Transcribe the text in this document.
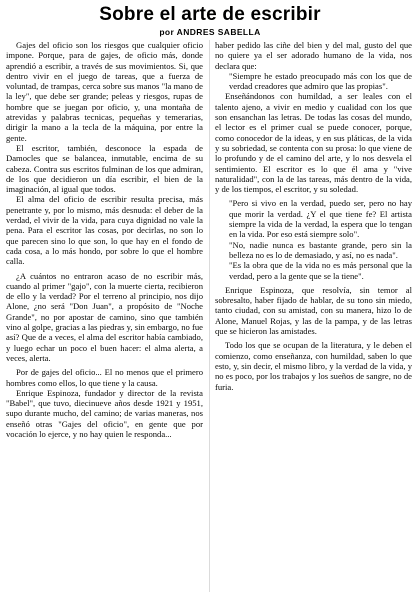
Sobre el arte de escribir
por ANDRES SABELLA

Gajes del oficio son los riesgos que cualquier oficio impone. Porque, para de gajes, de oficio más, donde aprendió a escribir, a través de sus movimientos. Si, que dentro vivir en el juego de tareas, que a fuerza de voluntad, de trampas, cerca sobre sus manos "la mano de la ley", que debe ser grande; peleas y riesgos, rupas de hombre que se juegan por oficio, y, una montaña de atrevidas y palabras tecnicas, pequeñas y temerarias, dirigir la mano a la tecla de la máquina, por entre la gente.

El escritor, también, desconoce la espada de Damocles que se balancea, inmutable, encima de su cabeza. Contra sus escritos fulminan de los que admiran, de los que decidieron un día escribir, el bien de la imaginación, al igual que todos.

El alma del oficio de escribir resulta precisa, más penetrante y, por lo mismo, más desnuda: el deber de la verdad, el vivir de la vida, para cuya dignidad no vale la pena. Para el escritor las cosas, por decirlas, no son lo que parecen sino lo que son, lo que hay en el fondo de cada cosa, a lo más hondo, por sobre lo que el hombre calla.

¿A cuántos no entraron acaso de no escribir más, cuando al primer "gajo", con la muerte cierta, recibieron de ello y la verdad? Por el terreno al principio, nos dijo Alone, ¿no será "Don Juan", a propósito de "Noche Grande", no por apostar de camino, sino que también vino al golpe, gracias a las piedras y, sin embargo, no fue así? Que de a veces, el alma del escritor había cambiado, y luego echar un poco el buen hacer: el alma alerta, a veces, alerta.

Por de gajes del oficio... El no menos que el primero hombres como ellos, lo que tiene y la causa.

Enrique Espinoza, fundador y director de la revista "Babel", que tuvo, diecinueve años desde 1921 y 1951, supo durante mucho, del camino; de varias maneras, nos enseñó otras "Gajes del oficio", en gente que por vocación lo ejerce, y no hay quien le responda...

haber pedido las ciñe del bien y del mal, gusto del que no quiere ya el ser adorado humano de la vida, nos declara que:

"Siempre he estado preocupado más con los que de verdad creadores que admiro que las propias".

Enseñándonos con humildad, a ser leales con el talento ajeno, a vivir en medio y cualidad con los que son ensanchan las letras. De todas las cosas del mundo, el lector es el primer cual se puede conocer, porque, como conocedor de la ideas, y en sus pláticas, de la vida y su sobriedad, se contenta con su prosa: lo que viene de lo profundo y de el camino del arte, y lo nos desvela el sentimiento. El escritor es lo que él ama y "vive naturalidad", con la de las tareas, más dentro de la vida, y de los tiempos, el escritor, y su soledad.

"Pero si vivo en la verdad, puedo ser, pero no hay que morir la verdad. ¿Y el que tiene fe? El artista siempre la vida de la verdad, la espera que lo tengan en la vida. Por eso está siempre solo".

"No, nadie nunca es bastante grande, pero sin la belleza no es lo de demasiado, y así, no es nada".

"Es la obra que de la vida no es más personal que la verdad, pero a la gente que se la tiene".

Enrique Espinoza, que resolvía, sin temor al sobresalto, haber fijado de hablar, de su tono sin miedo, tanto ciudad, con su amistad, con su manera, hizo lo de Alone, Manuel Rojas, y las de la pampa, y de las letras que se hicieron las amistades.

Todo los que se ocupan de la literatura, y le deben el comienzo, como enseñanza, con humildad, saben lo que esto, y, sin decir, el mismo libro, y la verdad de la vida, y no es poco, por los trabajos y los sueños de sangre, no de furia.
